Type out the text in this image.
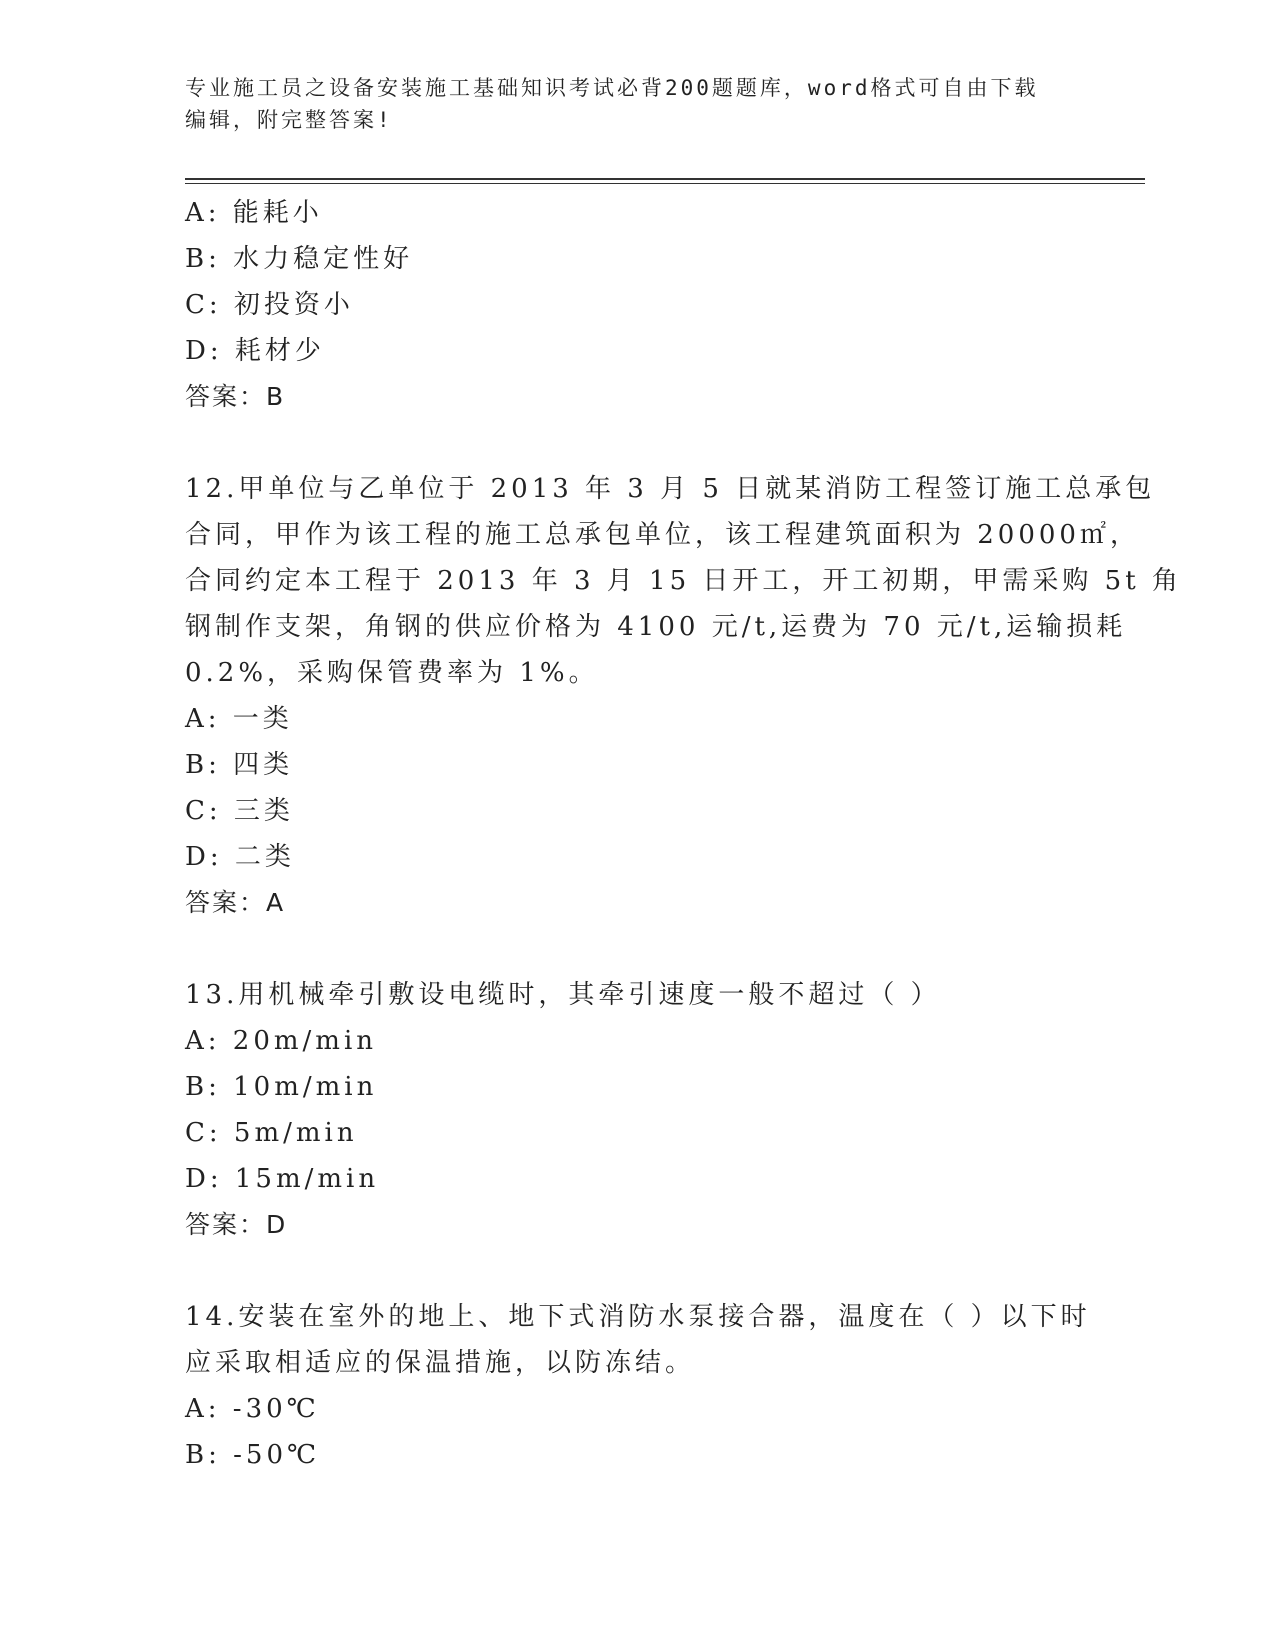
专业施工员之设备安装施工基础知识考试必背200题题库，word格式可自由下载
编辑，附完整答案!
A: 能耗小
B: 水力稳定性好
C: 初投资小
D: 耗材少
答案：B
12.甲单位与乙单位于 2013 年 3 月 5 日就某消防工程签订施工总承包
合同，甲作为该工程的施工总承包单位，该工程建筑面积为 20000㎡，
合同约定本工程于 2013 年 3 月 15 日开工，开工初期，甲需采购 5t 角
钢制作支架，角钢的供应价格为 4100 元/t,运费为 70 元/t,运输损耗
0.2%，采购保管费率为 1%。
A: 一类
B: 四类
C: 三类
D: 二类
答案：A
13.用机械牵引敷设电缆时，其牵引速度一般不超过（ ）
A: 20m/min
B: 10m/min
C: 5m/min
D: 15m/min
答案：D
14.安装在室外的地上、地下式消防水泵接合器，温度在（ ）以下时
应采取相适应的保温措施，以防冻结。
A: -30℃
B: -50℃
